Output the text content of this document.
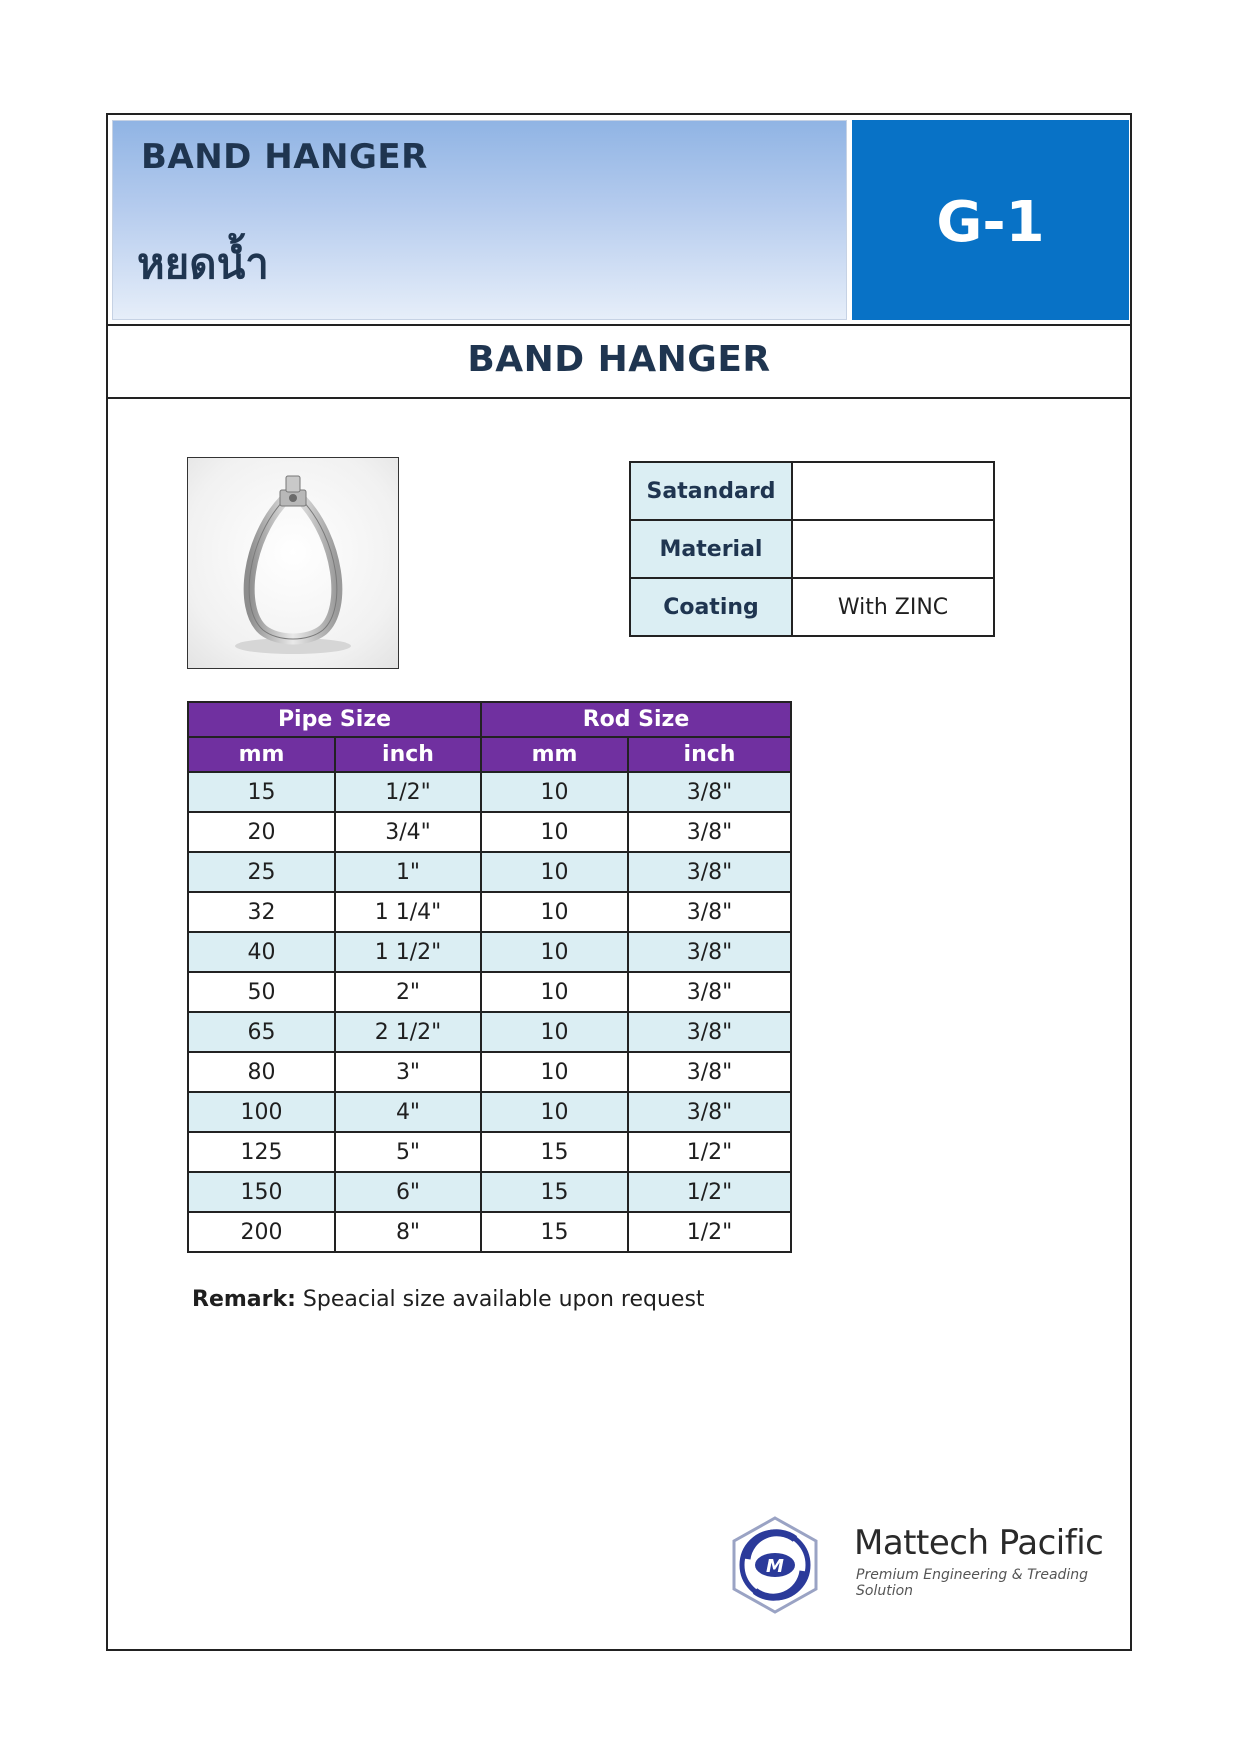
BAND HANGER
หยดน้ำ
G-1
BAND HANGER
Satandard	
Material	
Coating	With ZINC
Pipe Size		Rod Size	
mm	inch	mm	inch
15	1/2"	10	3/8"
20	3/4"	10	3/8"
25	1"	10	3/8"
32	1 1/4"	10	3/8"
40	1 1/2"	10	3/8"
50	2"	10	3/8"
65	2 1/2"	10	3/8"
80	3"	10	3/8"
100	4"	10	3/8"
125	5"	15	1/2"
150	6"	15	1/2"
200	8"	15	1/2"
Remark: Speacial size available upon request
M
Mattech Pacific
Premium Engineering & Treading Solution
